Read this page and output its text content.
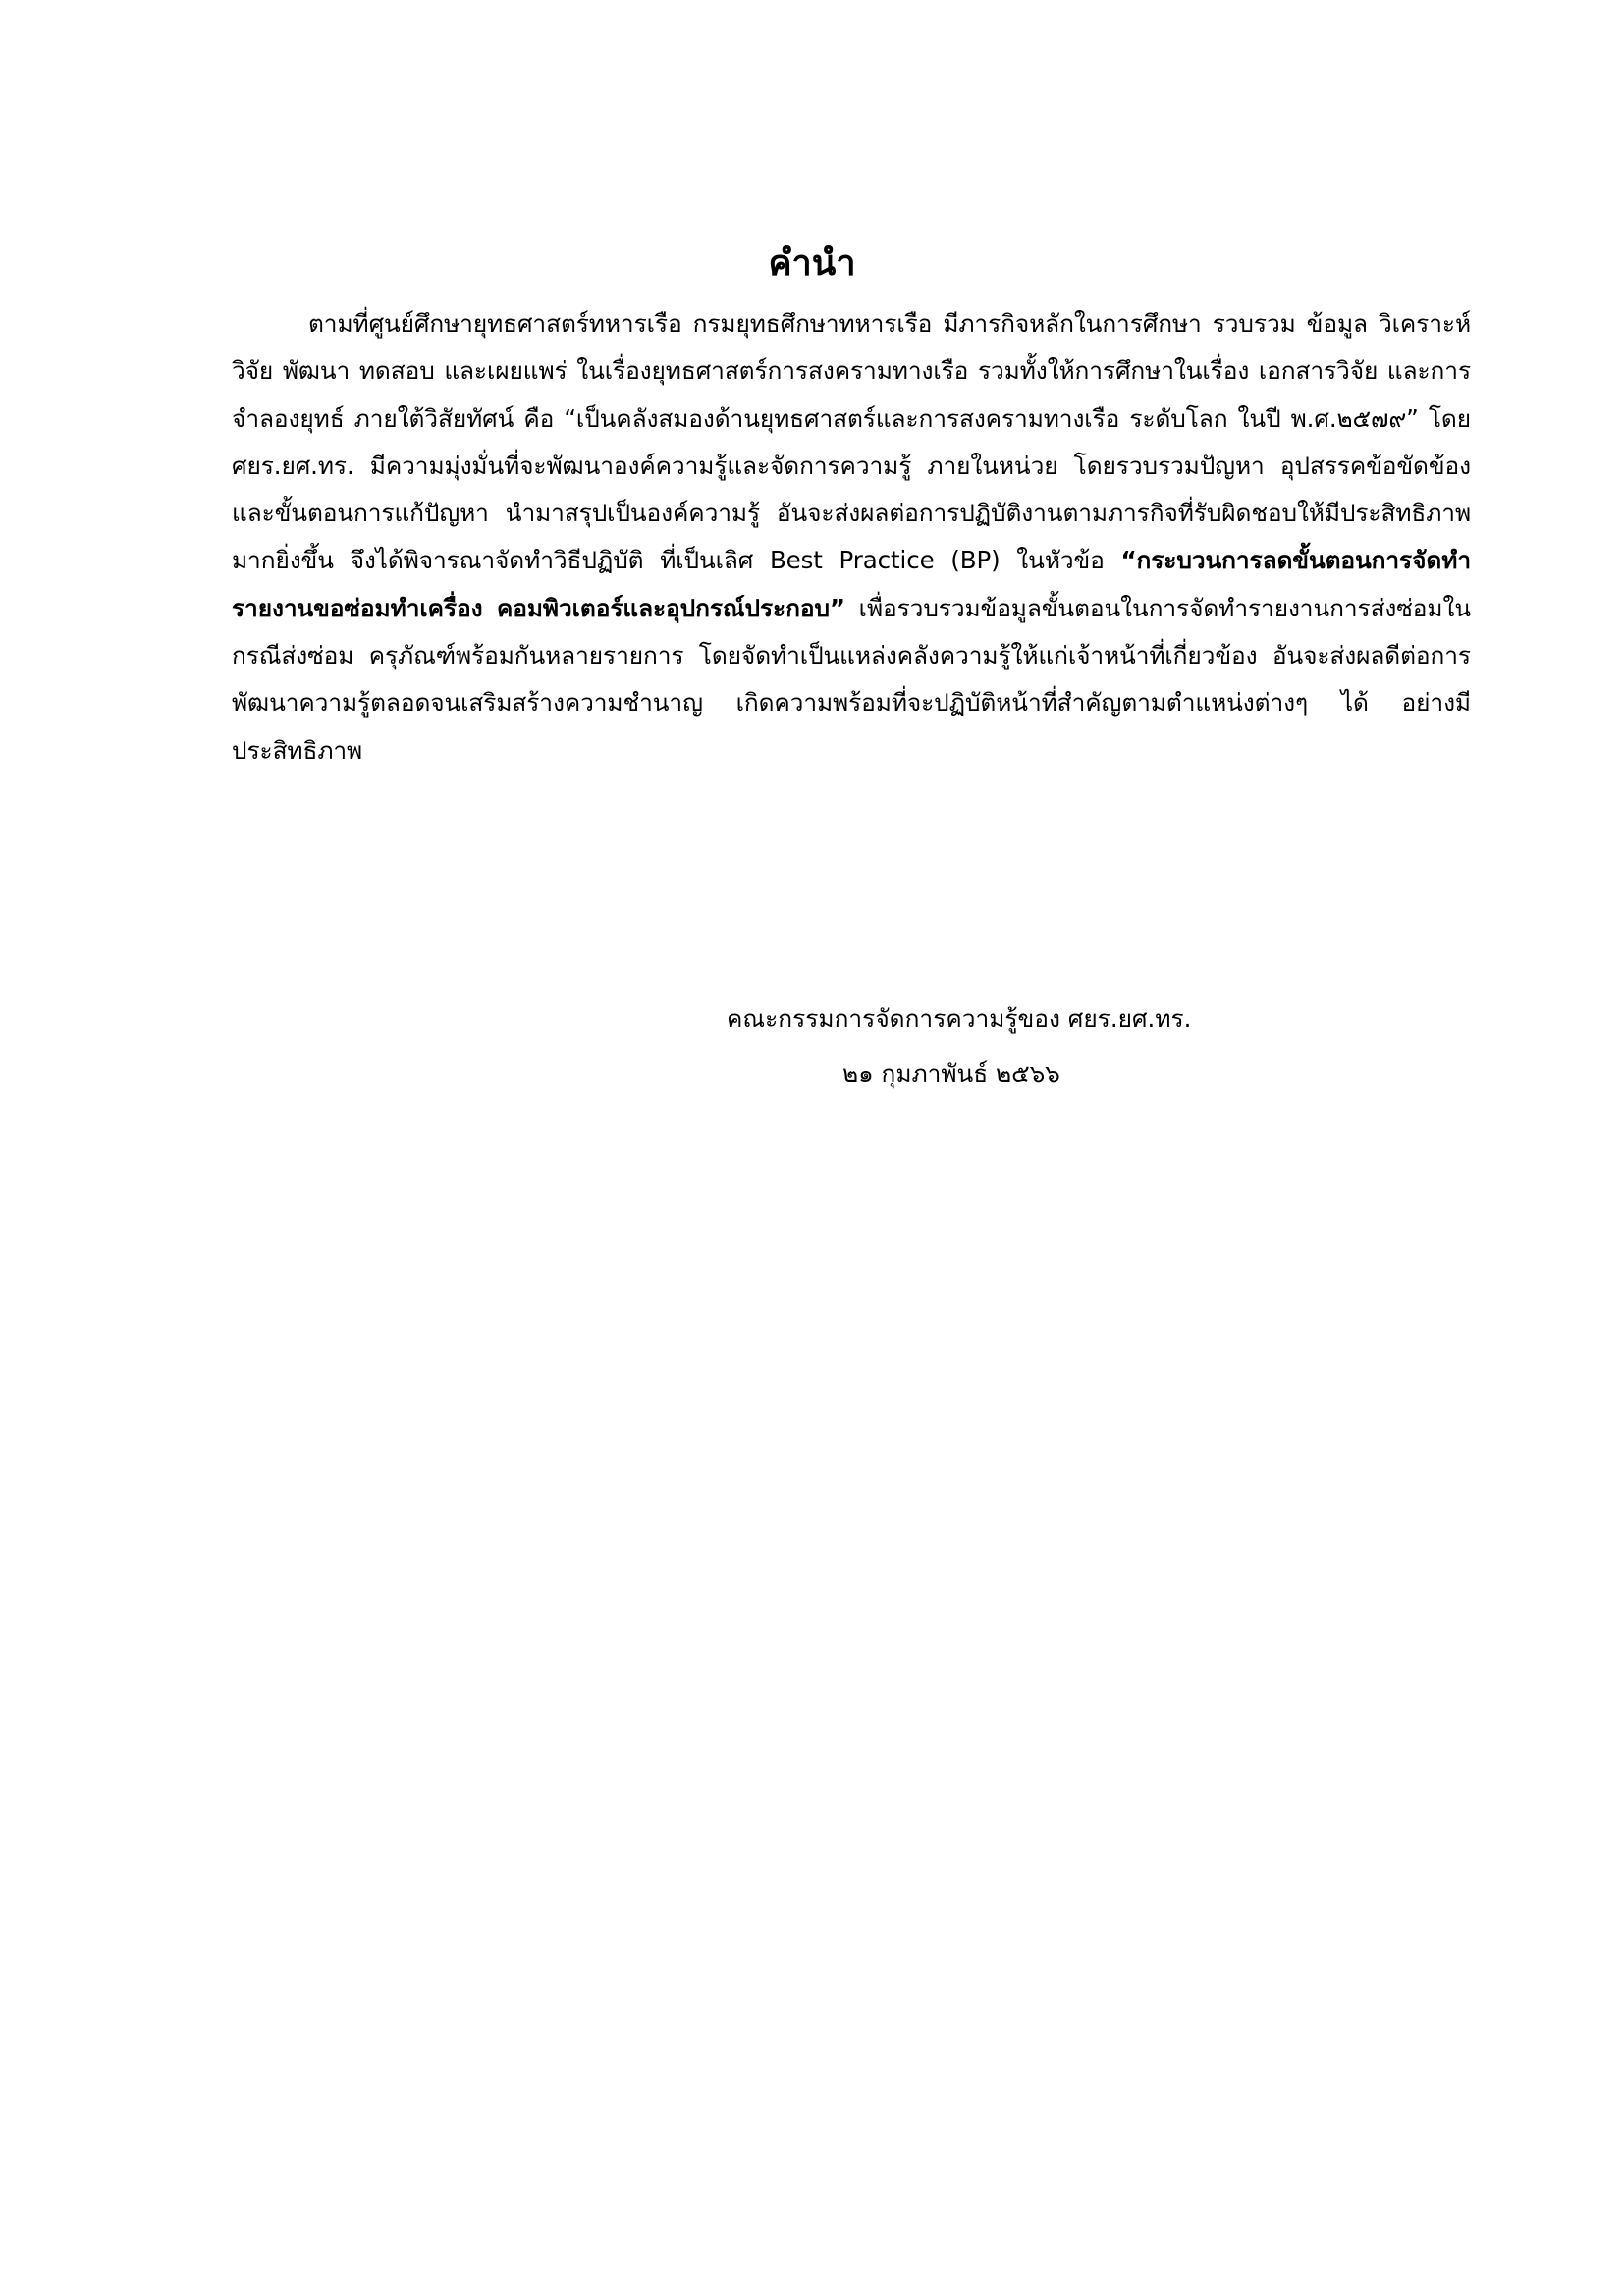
คำนำ

ตามที่ศูนย์ศึกษายุทธศาสตร์ทหารเรือ กรมยุทธศึกษาทหารเรือ มีภารกิจหลักในการศึกษา รวบรวม ข้อมูล วิเคราะห์ วิจัย พัฒนา ทดสอบ และเผยแพร่ ในเรื่องยุทธศาสตร์การสงครามทางเรือ รวมทั้งให้การศึกษาในเรื่อง เอกสารวิจัย และการจำลองยุทธ์ ภายใต้วิสัยทัศน์ คือ “เป็นคลังสมองด้านยุทธศาสตร์และการสงครามทางเรือ ระดับโลก ในปี พ.ศ.๒๕๗๙” โดย ศยร.ยศ.ทร. มีความมุ่งมั่นที่จะพัฒนาองค์ความรู้และจัดการความรู้ ภายในหน่วย โดยรวบรวมปัญหา อุปสรรคข้อขัดข้อง และขั้นตอนการแก้ปัญหา นำมาสรุปเป็นองค์ความรู้ อันจะส่งผลต่อการปฏิบัติงานตามภารกิจที่รับผิดชอบให้มีประสิทธิภาพมากยิ่งขึ้น จึงได้พิจารณาจัดทำวิธีปฏิบัติ ที่เป็นเลิศ Best Practice (BP) ในหัวข้อ “กระบวนการลดขั้นตอนการจัดทำรายงานขอซ่อมทำเครื่อง คอมพิวเตอร์และอุปกรณ์ประกอบ” เพื่อรวบรวมข้อมูลขั้นตอนในการจัดทำรายงานการส่งซ่อมในกรณีส่งซ่อม ครุภัณฑ์พร้อมกันหลายรายการ โดยจัดทำเป็นแหล่งคลังความรู้ให้แก่เจ้าหน้าที่เกี่ยวข้อง อันจะส่งผลดีต่อการ พัฒนาความรู้ตลอดจนเสริมสร้างความชำนาญ เกิดความพร้อมที่จะปฏิบัติหน้าที่สำคัญตามตำแหน่งต่างๆ ได้ อย่างมีประสิทธิภาพ

คณะกรรมการจัดการความรู้ของ ศยร.ยศ.ทร.

๒๑ กุมภาพันธ์ ๒๕๖๖
